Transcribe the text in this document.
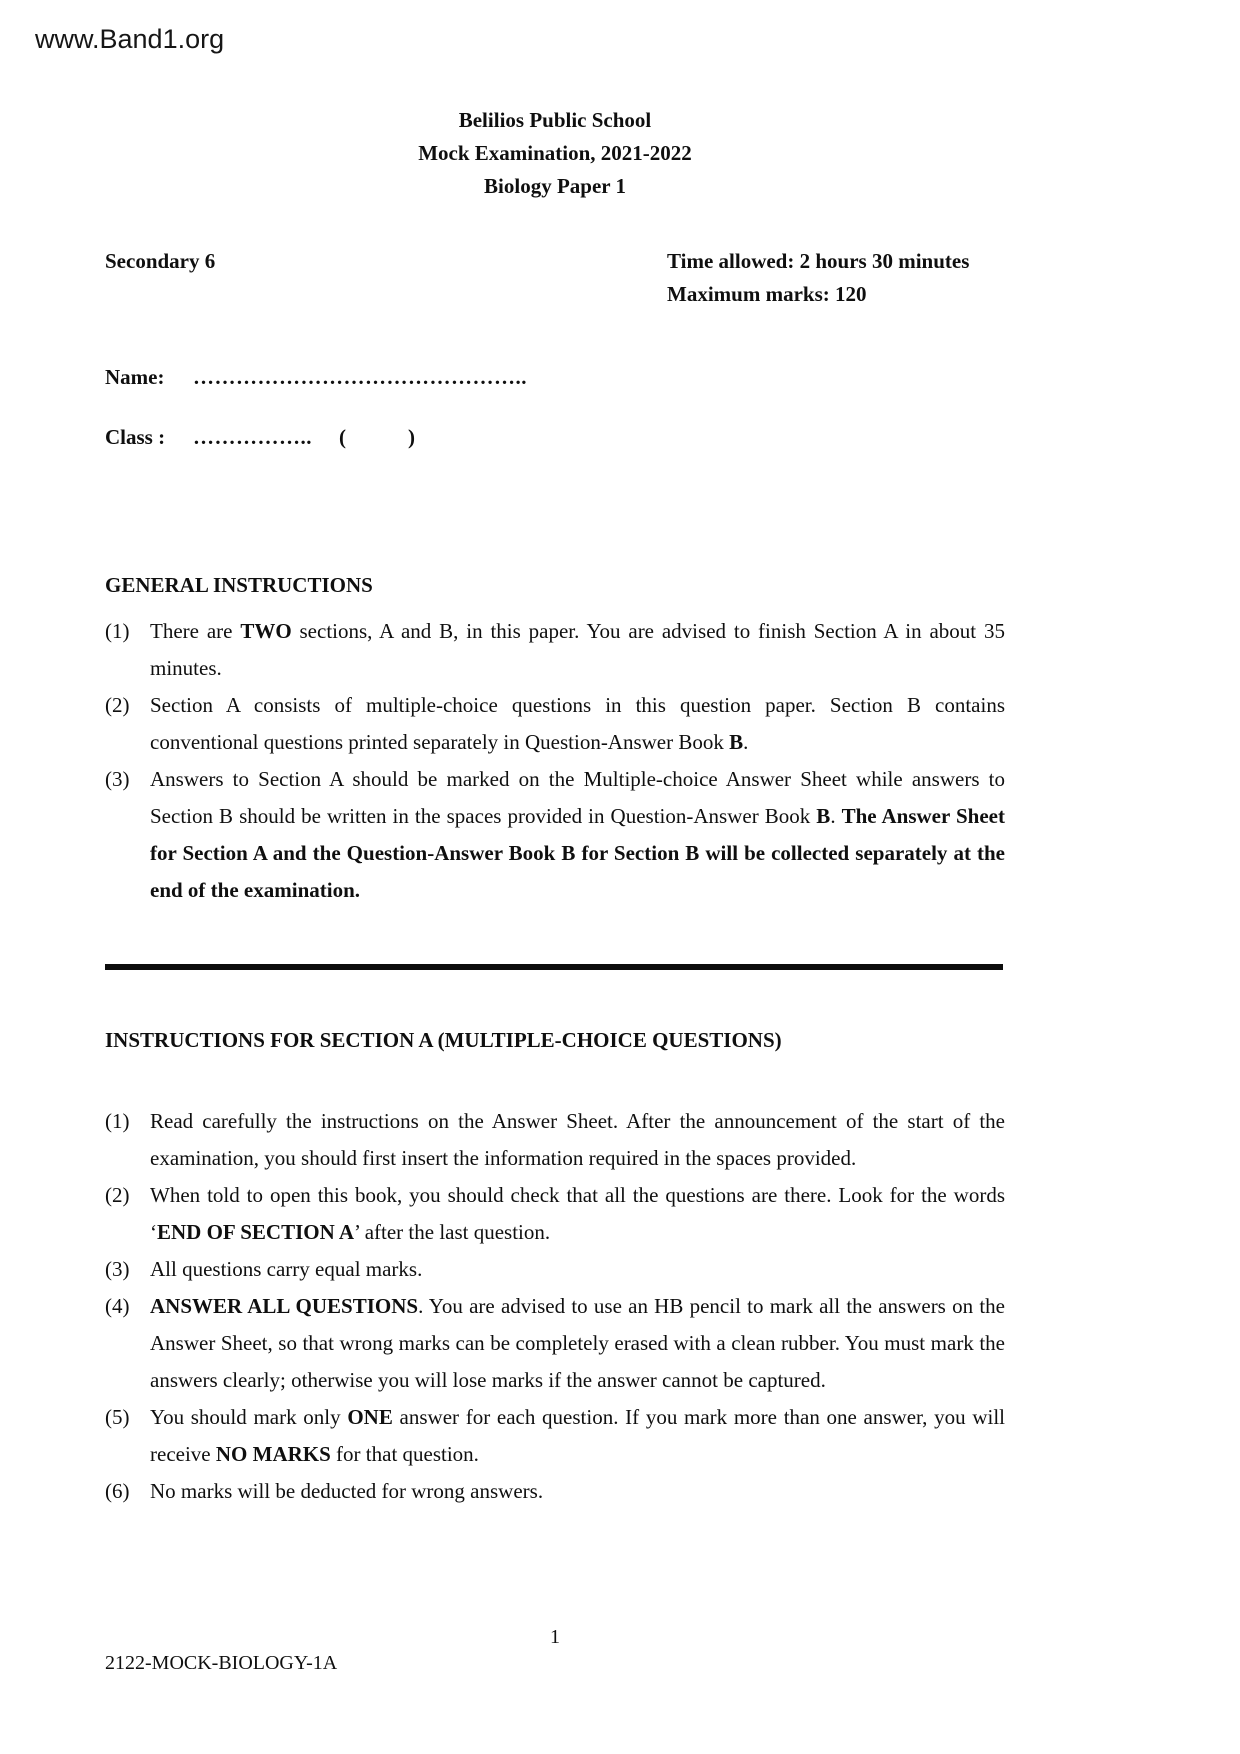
www.Band1.org
Belilios Public School
Mock Examination, 2021-2022
Biology Paper 1
Secondary 6	Time allowed: 2 hours 30 minutes
Maximum marks: 120
Name: ………………………………………..
Class : …………….. (	)
GENERAL INSTRUCTIONS
(1) There are TWO sections, A and B, in this paper. You are advised to finish Section A in about 35 minutes.
(2) Section A consists of multiple-choice questions in this question paper. Section B contains conventional questions printed separately in Question-Answer Book B.
(3) Answers to Section A should be marked on the Multiple-choice Answer Sheet while answers to Section B should be written in the spaces provided in Question-Answer Book B. The Answer Sheet for Section A and the Question-Answer Book B for Section B will be collected separately at the end of the examination.
INSTRUCTIONS FOR SECTION A (MULTIPLE-CHOICE QUESTIONS)
(1) Read carefully the instructions on the Answer Sheet. After the announcement of the start of the examination, you should first insert the information required in the spaces provided.
(2) When told to open this book, you should check that all the questions are there. Look for the words ‘END OF SECTION A’ after the last question.
(3) All questions carry equal marks.
(4) ANSWER ALL QUESTIONS. You are advised to use an HB pencil to mark all the answers on the Answer Sheet, so that wrong marks can be completely erased with a clean rubber. You must mark the answers clearly; otherwise you will lose marks if the answer cannot be captured.
(5) You should mark only ONE answer for each question. If you mark more than one answer, you will receive NO MARKS for that question.
(6) No marks will be deducted for wrong answers.
1
2122-MOCK-BIOLOGY-1A
